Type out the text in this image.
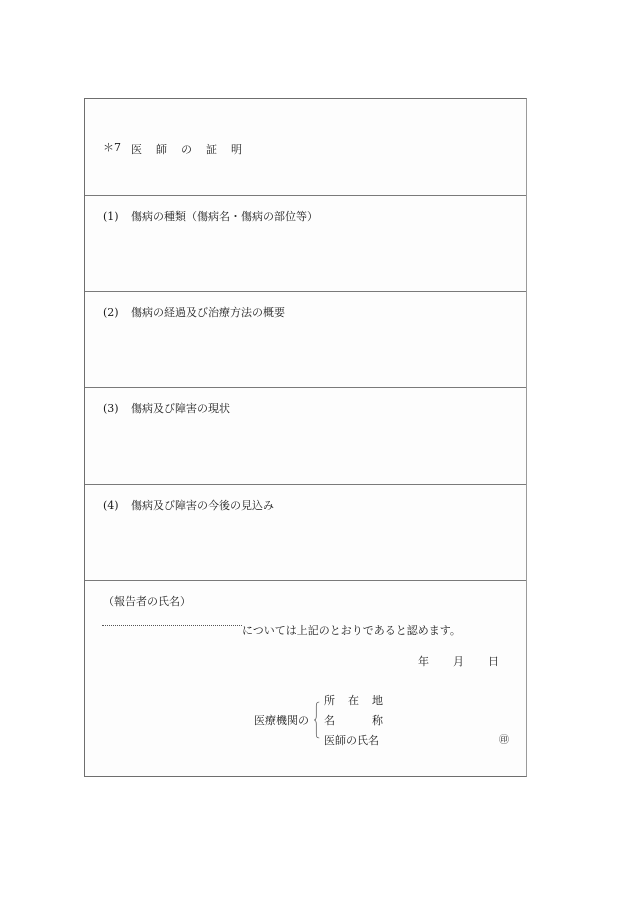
＊7 医 師 の 証 明
(1) 傷病の種類（傷病名・傷病の部位等）
(2) 傷病の経過及び治療方法の概要
(3) 傷病及び障害の現状
(4) 傷病及び障害の今後の見込み
（報告者の氏名）
については上記のとおりであると認めます。
年 月 日
医療機関の
所 在 地
名	称
医師の氏名	㊞
